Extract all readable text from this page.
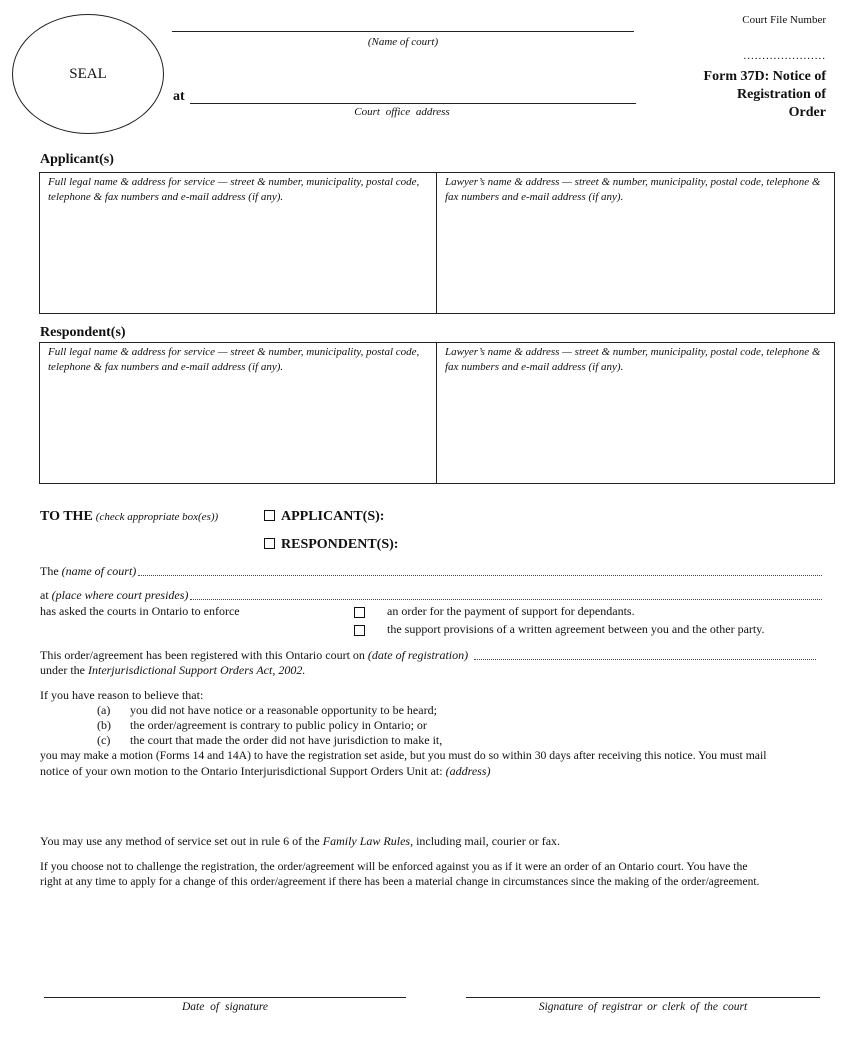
SEAL
(Name of court)
at
Court office address
Court File Number
......................
Form 37D: Notice of
Registration of
Order
Applicant(s)
Full legal name & address for service — street & number, municipality, postal code, telephone & fax numbers and e-mail address (if any).
Lawyer’s name & address — street & number, municipality, postal code, telephone & fax numbers and e-mail address (if any).
Respondent(s)
Full legal name & address for service — street & number, municipality, postal code, telephone & fax numbers and e-mail address (if any).
Lawyer’s name & address — street & number, municipality, postal code, telephone & fax numbers and e-mail address (if any).
TO THE (check appropriate box(es))	APPLICANT(S):
RESPONDENT(S):
The
(name of court)
at
(place where court presides)
has asked the courts in Ontario to enforce	an order for the payment of support for dependants.
the support provisions of a written agreement between you and the other party.
This order/agreement has been registered with this Ontario court on
(date of registration)
under the Interjurisdictional Support Orders Act, 2002.
If you have reason to believe that:
(a) you did not have notice or a reasonable opportunity to be heard;
(b) the order/agreement is contrary to public policy in Ontario; or
(c) the court that made the order did not have jurisdiction to make it,
you may make a motion (Forms 14 and 14A) to have the registration set aside, but you must do so within 30 days after receiving this notice. You must mail
notice of your own motion to the Ontario Interjurisdictional Support Orders Unit at: (address)
You may use any method of service set out in rule 6 of the Family Law Rules, including mail, courier or fax.
If you choose not to challenge the registration, the order/agreement will be enforced against you as if it were an order of an Ontario court. You have the
right at any time to apply for a change of this order/agreement if there has been a material change in circumstances since the making of the order/agreement.
Date of signature	Signature of registrar or clerk of the court
